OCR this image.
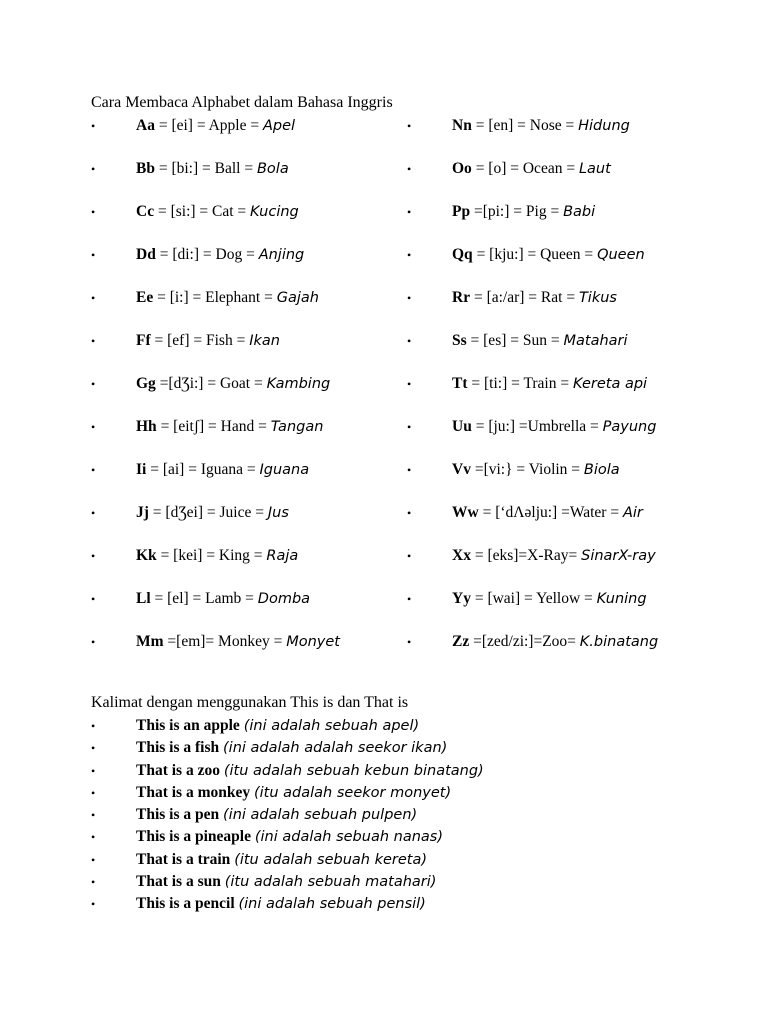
Cara Membaca Alphabet dalam Bahasa Inggris
•	Aa = [ei] = Apple = Apel
•	Bb = [bi:] = Ball = Bola
•	Cc = [si:] = Cat = Kucing
•	Dd = [di:] = Dog = Anjing
•	Ee = [i:] = Elephant = Gajah
•	Ff = [ef] = Fish = Ikan
•	Gg =[dƷi:] = Goat = Kambing
•	Hh = [eitʃ] = Hand = Tangan
•	Ii = [ai] = Iguana = Iguana
•	Jj = [dƷei] = Juice = Jus
•	Kk = [kei] = King = Raja
•	Ll = [el] = Lamb = Domba
•	Mm =[em]= Monkey = Monyet
•	Nn = [en] = Nose = Hidung
•	Oo = [o] = Ocean = Laut
•	Pp =[pi:] = Pig = Babi
•	Qq = [kju:] = Queen = Queen
•	Rr = [a:/ar] = Rat = Tikus
•	Ss = [es] = Sun = Matahari
•	Tt = [ti:] = Train = Kereta api
•	Uu = [ju:] =Umbrella = Payung
•	Vv =[vi:} = Violin = Biola
•	Ww = [‘dΛəlju:] =Water = Air
•	Xx = [eks]=X-Ray= SinarX-ray
•	Yy = [wai] = Yellow = Kuning
•	Zz =[zed/zi:]=Zoo= K.binatang
Kalimat dengan menggunakan This is dan That is
•	This is an apple (ini adalah sebuah apel)
•	This is a fish (ini adalah adalah seekor ikan)
•	That is a zoo (itu adalah sebuah kebun binatang)
•	That is a monkey (itu adalah seekor monyet)
•	This is a pen (ini adalah sebuah pulpen)
•	This is a pineaple (ini adalah sebuah nanas)
•	That is a train (itu adalah sebuah kereta)
•	That is a sun (itu adalah sebuah matahari)
•	This is a pencil (ini adalah sebuah pensil)
